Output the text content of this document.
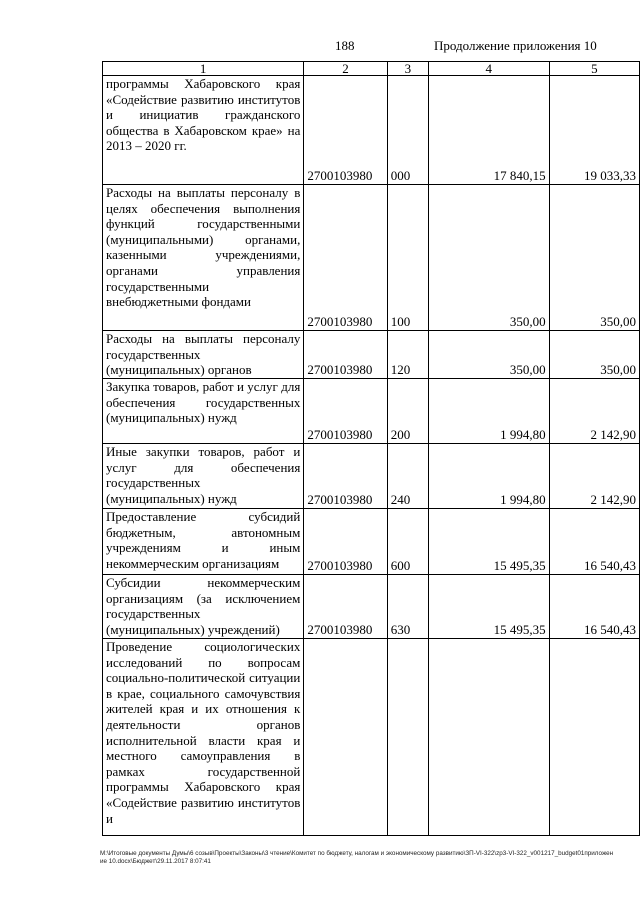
188	Продолжение приложения 10
1	2	3	4	5
программы Хабаровского края «Содействие развитию институтов и инициатив гражданского общества в Хабаровском крае» на 2013 – 2020 гг.	2700103980	000	17 840,15	19 033,33
Расходы на выплаты персоналу в целях обеспечения выполнения функций государственными (муниципальными) органами, казенными учреждениями, органами управления государственными внебюджетными фондами	2700103980	100	350,00	350,00
Расходы на выплаты персоналу государственных (муниципальных) органов	2700103980	120	350,00	350,00
Закупка товаров, работ и услуг для обеспечения государственных (муниципальных) нужд	2700103980	200	1 994,80	2 142,90
Иные закупки товаров, работ и услуг для обеспечения государственных (муниципальных) нужд	2700103980	240	1 994,80	2 142,90
Предоставление субсидий бюджетным, автономным учреждениям и иным некоммерческим организациям	2700103980	600	15 495,35	16 540,43
Субсидии некоммерческим организациям (за исключением государственных (муниципальных) учреждений)	2700103980	630	15 495,35	16 540,43
Проведение социологических исследований по вопросам социально-политической ситуации в крае, социального самочувствия жителей края и их отношения к деятельности органов исполнительной власти края и местного самоуправления в рамках государственной программы Хабаровского края «Содействие развитию институтов и				
M:\Итоговые документы Думы\6 созыв\Проекты\Законы\3 чтение\Комитет по бюджету, налогам и экономическому развитию\ЗП-VI-322\zp3-VI-322_v001217_budget01приложение 10.docx\Бюджет\29.11.2017 8:07:41
